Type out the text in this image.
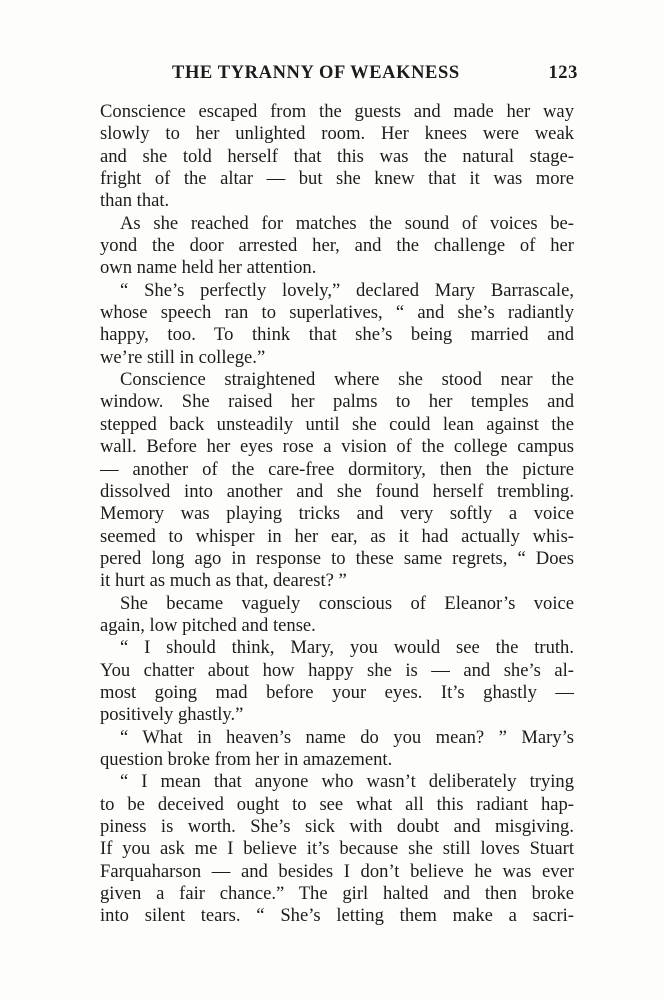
THE TYRANNY OF WEAKNESS	123
Conscience escaped from the guests and made her way
slowly to her unlighted room. Her knees were weak
and she told herself that this was the natural stage-
fright of the altar — but she knew that it was more
than that.
As she reached for matches the sound of voices be-
yond the door arrested her, and the challenge of her
own name held her attention.
“ She’s perfectly lovely,” declared Mary Barrascale,
whose speech ran to superlatives, “ and she’s radiantly
happy, too. To think that she’s being married and
we’re still in college.”
Conscience straightened where she stood near the
window. She raised her palms to her temples and
stepped back unsteadily until she could lean against the
wall. Before her eyes rose a vision of the college campus
— another of the care-free dormitory, then the picture
dissolved into another and she found herself trembling.
Memory was playing tricks and very softly a voice
seemed to whisper in her ear, as it had actually whis-
pered long ago in response to these same regrets, “ Does
it hurt as much as that, dearest? ”
She became vaguely conscious of Eleanor’s voice
again, low pitched and tense.
“ I should think, Mary, you would see the truth.
You chatter about how happy she is — and she’s al-
most going mad before your eyes. It’s ghastly —
positively ghastly.”
“ What in heaven’s name do you mean? ” Mary’s
question broke from her in amazement.
“ I mean that anyone who wasn’t deliberately trying
to be deceived ought to see what all this radiant hap-
piness is worth. She’s sick with doubt and misgiving.
If you ask me I believe it’s because she still loves Stuart
Farquaharson — and besides I don’t believe he was ever
given a fair chance.” The girl halted and then broke
into silent tears. “ She’s letting them make a sacri-
